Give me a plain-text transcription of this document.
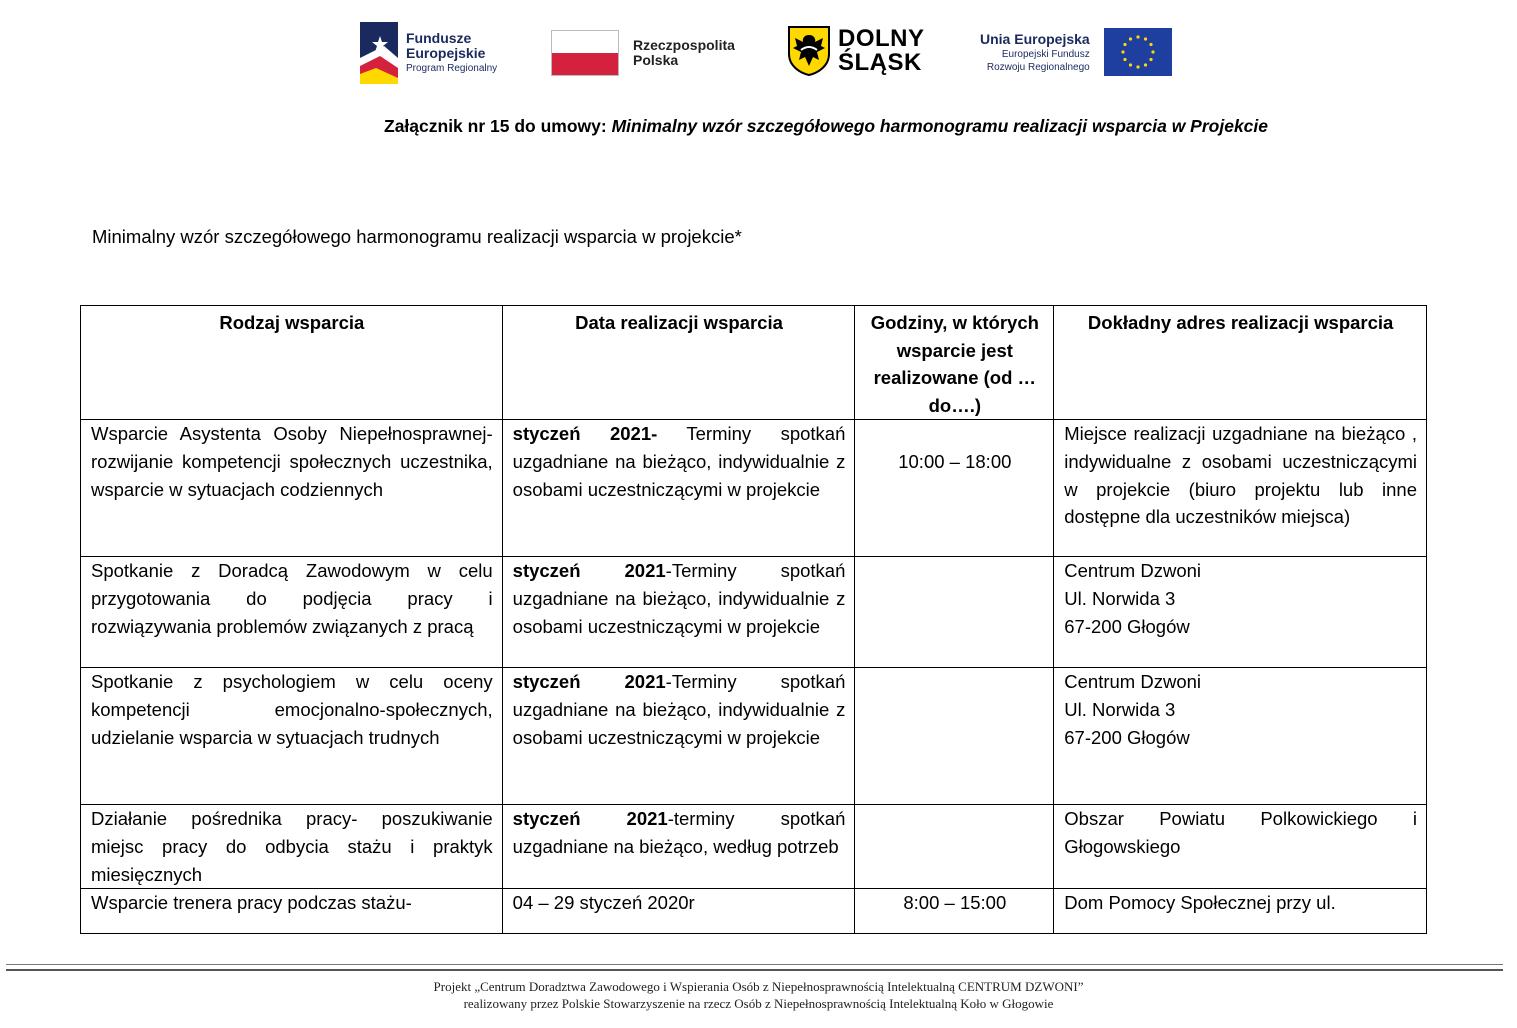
Fundusze
Europejskie
Program Regionalny
Rzeczpospolita
Polska
DOLNY
ŚLĄSK
Unia Europejska
Europejski Fundusz
Rozwoju Regionalnego
Załącznik nr 15 do umowy: Minimalny wzór szczegółowego harmonogramu realizacji wsparcia w Projekcie
Minimalny wzór szczegółowego harmonogramu realizacji wsparcia w projekcie*
Rodzaj wsparcia	Data realizacji wsparcia	Godziny, w których wsparcie jest realizowane (od … do….)	Dokładny adres realizacji wsparcia
Wsparcie Asystenta Osoby Niepełnosprawnej- rozwijanie kompetencji społecznych uczestnika, wsparcie w sytuacjach codziennych	styczeń 2021- Terminy spotkań uzgadniane na bieżąco, indywidualnie z osobami uczestniczącymi w projekcie	10:00 – 18:00	Miejsce realizacji uzgadniane na bieżąco , indywidualne z osobami uczestniczącymi w projekcie (biuro projektu lub inne dostępne dla uczestników miejsca)
Spotkanie z Doradcą Zawodowym w celu przygotowania do podjęcia pracy i rozwiązywania problemów związanych z pracą	styczeń 2021-Terminy spotkań uzgadniane na bieżąco, indywidualnie z osobami uczestniczącymi w projekcie		Centrum Dzwoni
Ul. Norwida 3
67-200 Głogów

Spotkanie z psychologiem w celu oceny kompetencji emocjonalno-społecznych, udzielanie wsparcia w sytuacjach trudnych	styczeń 2021-Terminy spotkań uzgadniane na bieżąco, indywidualnie z osobami uczestniczącymi w projekcie		Centrum Dzwoni
Ul. Norwida 3
67-200 Głogów

Działanie pośrednika pracy- poszukiwanie miejsc pracy do odbycia stażu i praktyk miesięcznych	styczeń 2021-terminy spotkań uzgadniane na bieżąco, według potrzeb		Obszar Powiatu Polkowickiego i Głogowskiego
Wsparcie trenera pracy podczas stażu-	04 – 29 styczeń 2020r	8:00 – 15:00	Dom Pomocy Społecznej przy ul.
Projekt „Centrum Doradztwa Zawodowego i Wspierania Osób z Niepełnosprawnością Intelektualną CENTRUM DZWONI”
realizowany przez Polskie Stowarzyszenie na rzecz Osób z Niepełnosprawnością Intelektualną Koło w Głogowie
